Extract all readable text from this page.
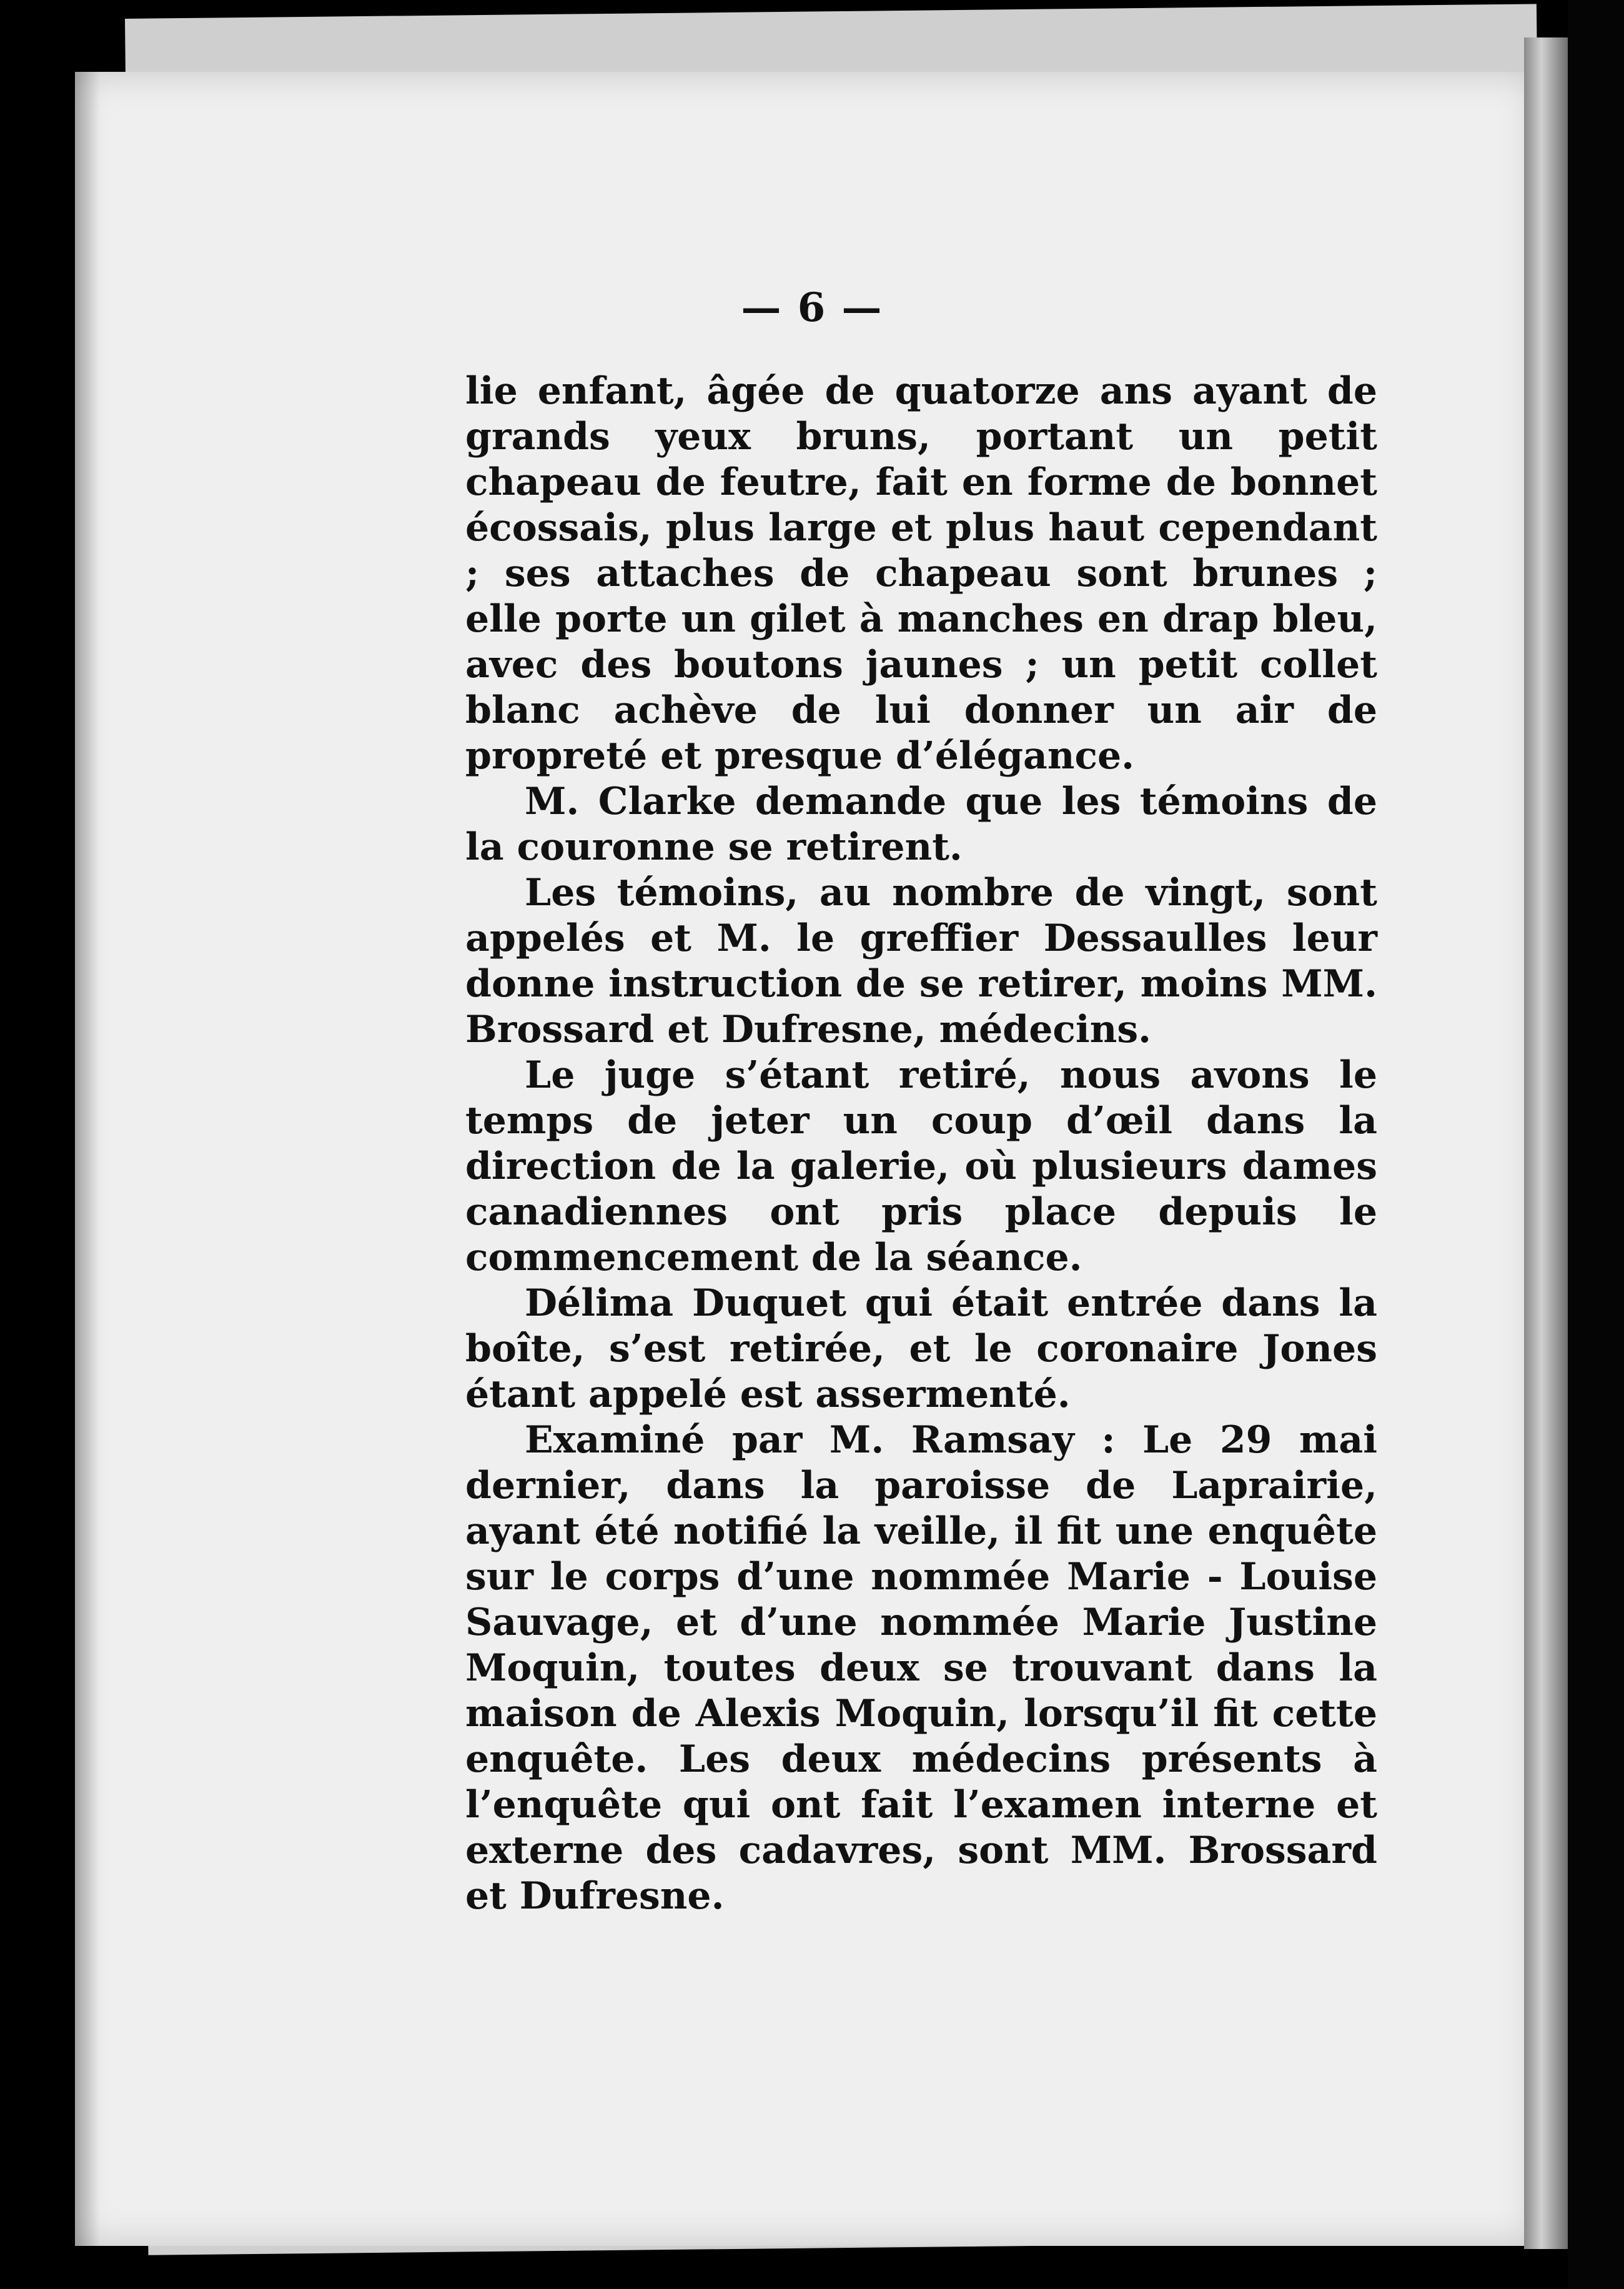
— 6 —

lie enfant, âgée de quatorze ans ayant de grands yeux bruns, portant un petit chapeau de feutre, fait en forme de bonnet écossais, plus large et plus haut cependant ; ses attaches de chapeau sont brunes ; elle porte un gilet à manches en drap bleu, avec des boutons jaunes ; un petit collet blanc achève de lui donner un air de propreté et presque d’élégance.

M. Clarke demande que les témoins de la couronne se retirent.

Les témoins, au nombre de vingt, sont appelés et M. le greffier Dessaulles leur donne instruction de se retirer, moins MM. Brossard et Dufresne, médecins.

Le juge s’étant retiré, nous avons le temps de jeter un coup d’œil dans la direction de la galerie, où plusieurs dames canadiennes ont pris place depuis le commencement de la séance.

Délima Duquet qui était entrée dans la boîte, s’est retirée, et le coronaire Jones étant appelé est assermenté.

Examiné par M. Ramsay : Le 29 mai dernier, dans la paroisse de Laprairie, ayant été notifié la veille, il fit une enquête sur le corps d’une nommée Marie - Louise Sauvage, et d’une nommée Marie Justine Moquin, toutes deux se trouvant dans la maison de Alexis Moquin, lorsqu’il fit cette enquête. Les deux médecins présents à l’enquête qui ont fait l’examen interne et externe des cadavres, sont MM. Brossard et Dufresne.
